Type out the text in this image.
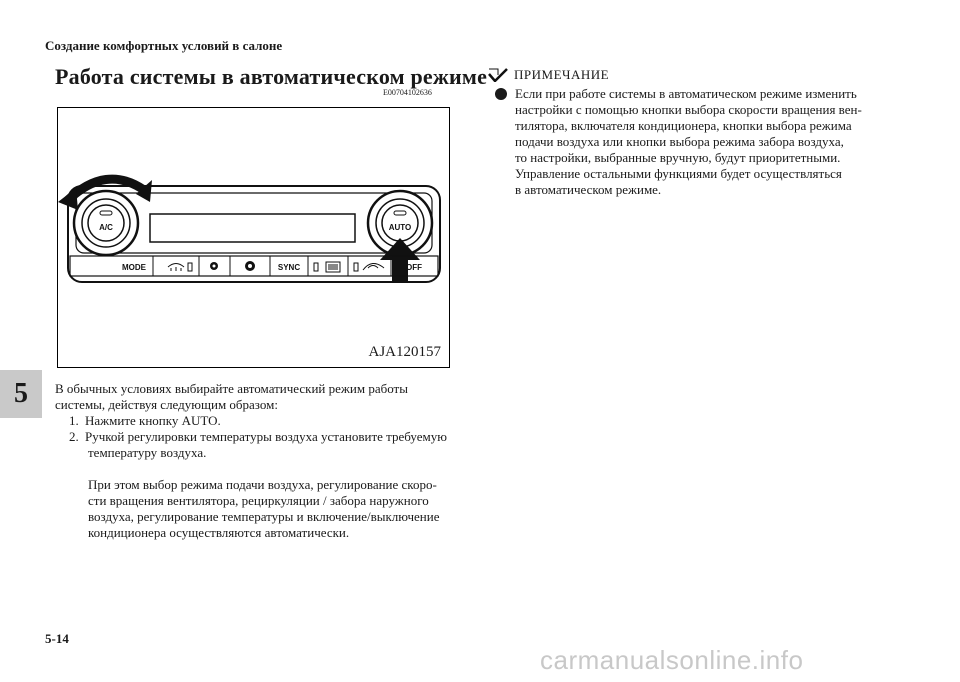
Создание комфортных условий в салоне
Работа системы в автоматическом режиме
E00704102636
A/C	AUTO
MODE	SYNC	OFF
AJA120157

В обычных условиях выбирайте автоматический режим работы

системы, действуя следующим образом:

1. Нажмите кнопку AUTO.
2. Ручкой регулировки температуры воздуха установите требуемую

температуру воздуха.

При этом выбор режима подачи воздуха, регулирование скоро-

сти вращения вентилятора, рециркуляции / забора наружного

воздуха, регулирование температуры и включение/выключение

кондиционера осуществляются автоматически.

ПРИМЕЧАНИЕ
Если при работе системы в автоматическом режиме изменить
настройки с помощью кнопки выбора скорости вращения вен-
тилятора, включателя кондиционера, кнопки выбора режима
подачи воздуха или кнопки выбора режима забора воздуха,
то настройки, выбранные вручную, будут приоритетными.
Управление остальными функциями будет осуществляться
в автоматическом режиме.
5
5-14
carmanualsonline.info
